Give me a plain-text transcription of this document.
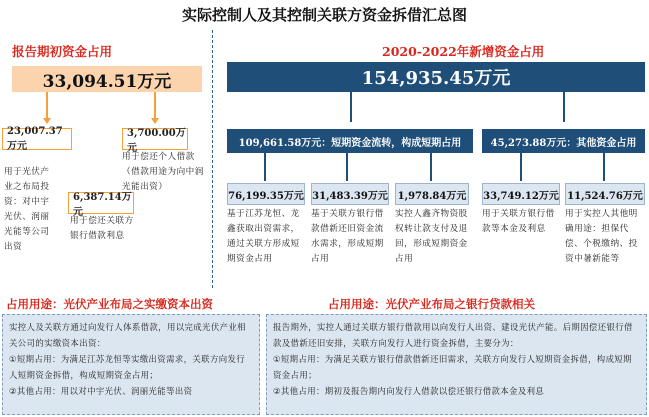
实际控制人及其控制关联方资金拆借汇总图
报告期初资金占用
33,094.51万元
23,007.37万元
用于光伏产业之布局投资：对中宇光伏、润丽光能等公司出资
6,387.14万元
用于偿还关联方银行借款利息
3,700.00万元
用于偿还个人借款（借款用途为向中润光能出资）
2020-2022年新增资金占用
154,935.45万元
109,661.58万元：短期资金流转，构成短期占用	45,273.88万元：其他资金占用
76,199.35万元
基于江苏龙恒、龙鑫获取出资需求，通过关联方形成短期资金占用
31,483.39万元
基于关联方银行借款借新还旧资金流水需求，形成短期占用
1,978.84万元
实控人鑫齐物资股权转让款支付及退回，形成短期资金占用
33,749.12万元
用于关联方银行借款等本金及利息
11,524.76万元
用于实控人其他明确用途：担保代偿、个税缴纳、投资中暑新能等
占用用途：光伏产业布局之实缴资本出资	占用用途：光伏产业布局之银行贷款相关
实控人及关联方通过向发行人体系借款，用以完成光伏产业相关公司的实缴资本出资：
①短期占用：为满足江苏龙恒等实缴出资需求，关联方向发行人短期资金拆借，构成短期资金占用；
②其他占用：用以对中宇光伏、润丽光能等出资
报告期外，实控人通过关联方银行借款用以向发行人出资、建设光伏产能。后期因偿还银行借款及借新还旧安排，关联方向发行人进行资金拆借，主要分为：
①短期占用：为满足关联方银行借款借新还旧需求，关联方向发行人短期资金拆借，构成短期资金占用；
②其他占用：期初及报告期内向发行人借款以偿还银行借款本金及利息
